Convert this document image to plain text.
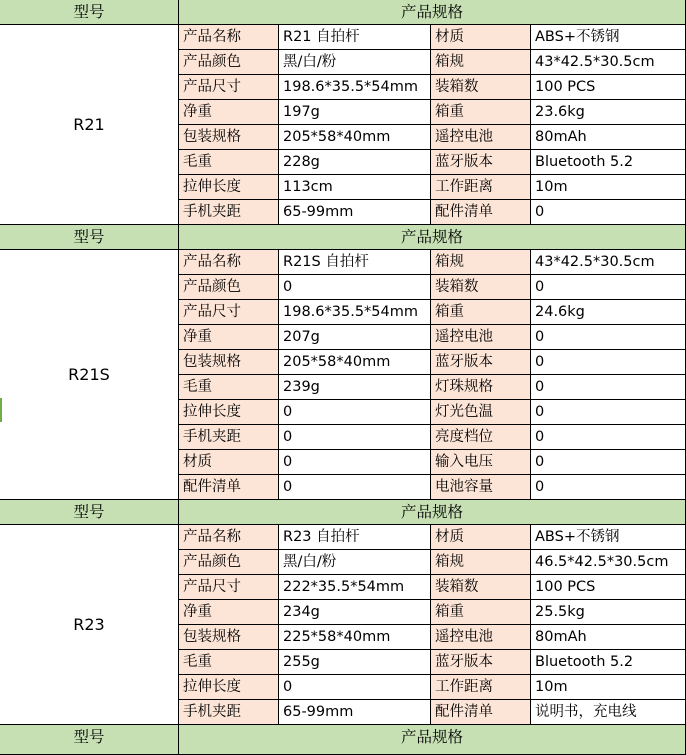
型号	产品规格
R21
产品名称	R21 自拍杆	材质	ABS+不锈钢
产品颜色	黑/白/粉	箱规	43*42.5*30.5cm
产品尺寸	198.6*35.5*54mm	装箱数	100 PCS
净重	197g	箱重	23.6kg
包装规格	205*58*40mm	遥控电池	80mAh
毛重	228g	蓝牙版本	Bluetooth 5.2
拉伸长度	113cm	工作距离	10m
手机夹距	65-99mm	配件清单	0
型号	产品规格
R21S
产品名称	R21S 自拍杆	箱规	43*42.5*30.5cm
产品颜色	0	装箱数	0
产品尺寸	198.6*35.5*54mm	箱重	24.6kg
净重	207g	遥控电池	0
包装规格	205*58*40mm	蓝牙版本	0
毛重	239g	灯珠规格	0
拉伸长度	0	灯光色温	0
手机夹距	0	亮度档位	0
材质	0	输入电压	0
配件清单	0	电池容量	0
型号	产品规格
R23
产品名称	R23 自拍杆	材质	ABS+不锈钢
产品颜色	黑/白/粉	箱规	46.5*42.5*30.5cm
产品尺寸	222*35.5*54mm	装箱数	100 PCS
净重	234g	箱重	25.5kg
包装规格	225*58*40mm	遥控电池	80mAh
毛重	255g	蓝牙版本	Bluetooth 5.2
拉伸长度	0	工作距离	10m
手机夹距	65-99mm	配件清单	说明书，充电线
型号	产品规格
